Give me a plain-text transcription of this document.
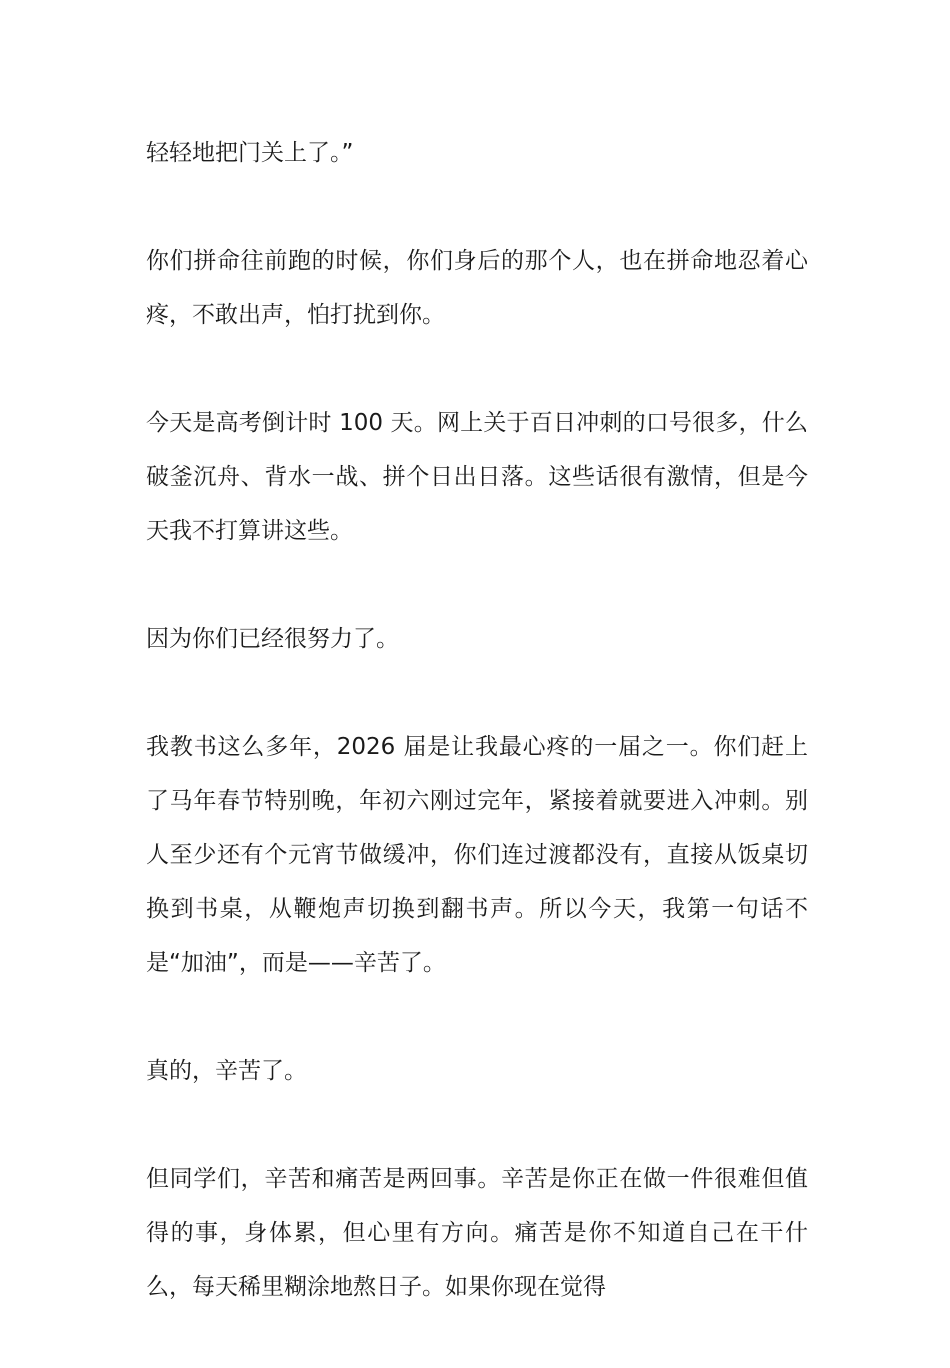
轻轻地把门关上了。”

你们拼命往前跑的时候，你们身后的那个人，也在拼命地忍着心疼，不敢出声，怕打扰到你。

今天是高考倒计时 100 天。网上关于百日冲刺的口号很多，什么破釜沉舟、背水一战、拼个日出日落。这些话很有激情，但是今天我不打算讲这些。

因为你们已经很努力了。

我教书这么多年，2026 届是让我最心疼的一届之一。你们赶上了马年春节特别晚，年初六刚过完年，紧接着就要进入冲刺。别人至少还有个元宵节做缓冲，你们连过渡都没有，直接从饭桌切换到书桌，从鞭炮声切换到翻书声。所以今天，我第一句话不是“加油”，而是——辛苦了。

真的，辛苦了。

但同学们，辛苦和痛苦是两回事。辛苦是你正在做一件很难但值得的事，身体累，但心里有方向。痛苦是你不知道自己在干什么，每天稀里糊涂地熬日子。如果你现在觉得
